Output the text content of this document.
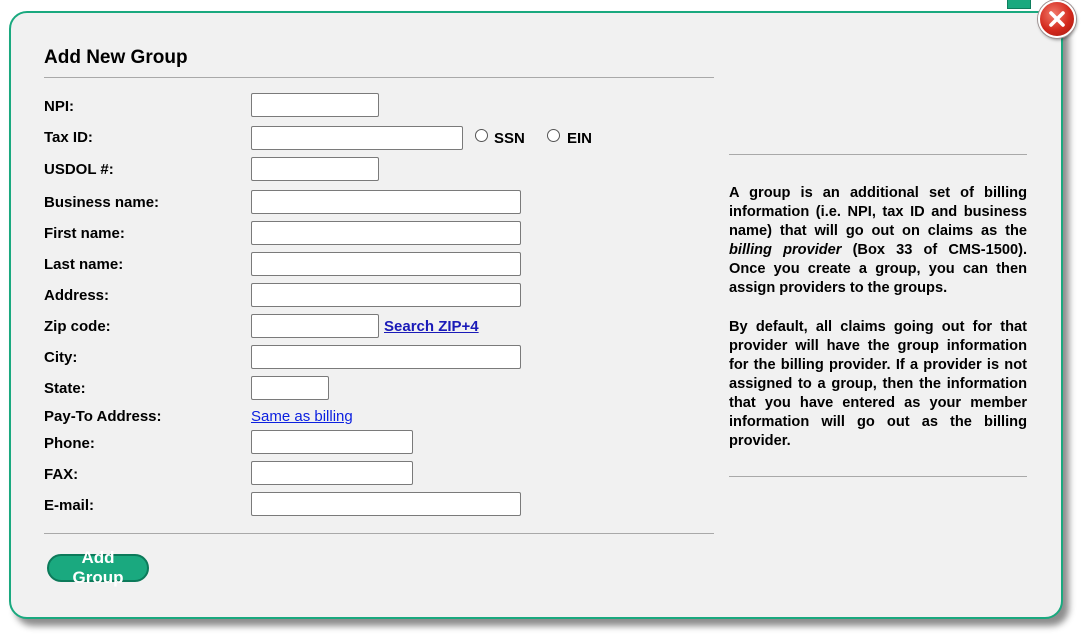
Add New Group
NPI:
Tax ID:	SSN	EIN
USDOL #:
Business name:
First name:
Last name:
Address:
Zip code:	Search ZIP+4
City:
State:
Pay-To Address:	Same as billing
Phone:
FAX:
E-mail:
Add Group

A group is an additional set of billing information (i.e. NPI, tax ID and business name) that will go out on claims as the billing provider (Box 33 of CMS-1500). Once you create a group, you can then assign providers to the groups.

By default, all claims going out for that provider will have the group information for the billing provider. If a provider is not assigned to a group, then the information that you have entered as your member information will go out as the billing provider.
